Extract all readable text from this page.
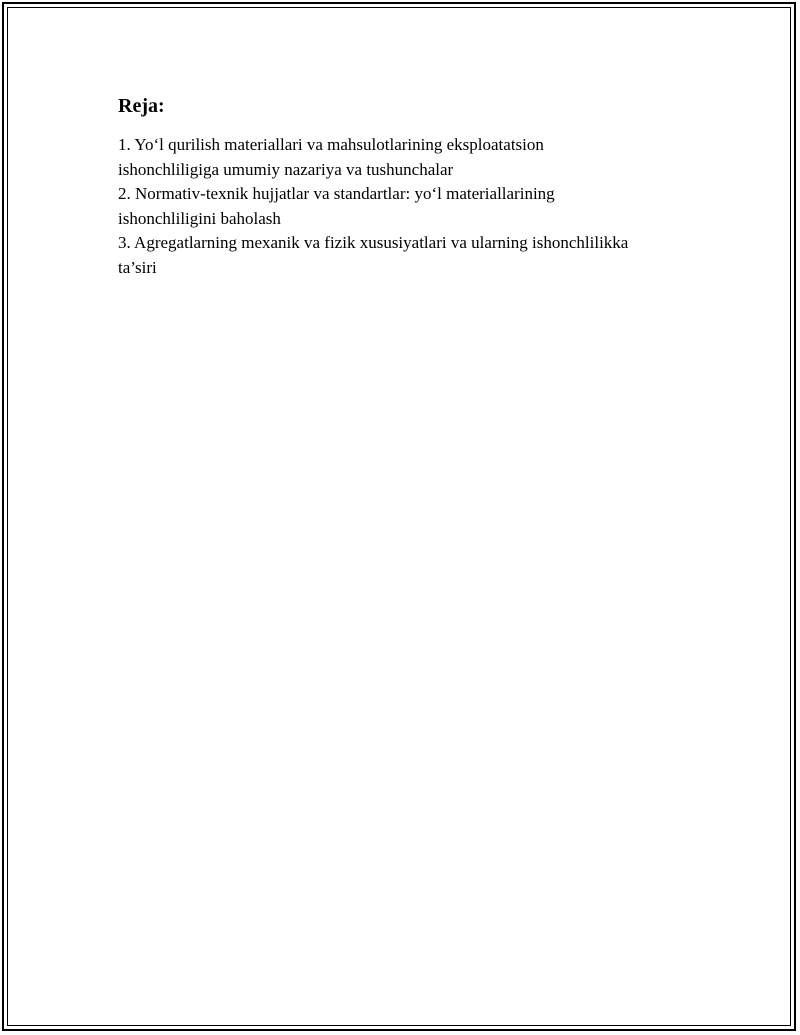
Reja:
1. Yo‘l qurilish materiallari va mahsulotlarining eksploatatsion
ishonchliligiga umumiy nazariya va tushunchalar
2. Normativ-texnik hujjatlar va standartlar: yo‘l materiallarining
ishonchliligini baholash
3. Agregatlarning mexanik va fizik xususiyatlari va ularning ishonchlilikka
ta’siri
